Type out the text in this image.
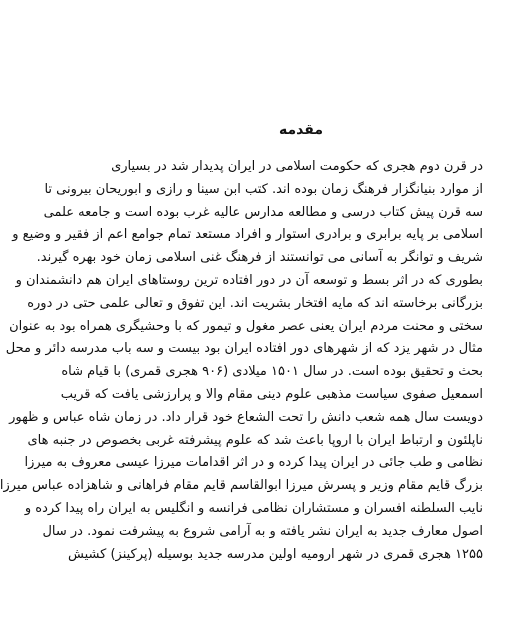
مقدمه
در قرن دوم هجری که حکومت اسلامی در ایران پدیدار شد در بسیاری
از موارد بنیانگزار فرهنگ زمان بوده اند. کتب ابن سینا و رازی و ابوریحان بیرونی تا
سه قرن پیش کتاب درسی و مطالعه مدارس عالیه غرب بوده است و جامعه علمی
اسلامی بر پایه برابری و برادری استوار و افراد مستعد تمام جوامع اعم از فقیر و وضیع و
شریف و توانگر به آسانی می توانستند از فرهنگ غنی اسلامی زمان خود بهره گیرند.
بطوری که در اثر بسط و توسعه آن در دور افتاده ترین روستاهای ایران هم دانشمندان و
بزرگانی برخاسته اند که مایه افتخار بشریت اند. این تفوق و تعالی علمی حتی در دوره
سختی و محنت مردم ایران یعنی عصر مغول و تیمور که با وحشیگری همراه بود به عنوان
مثال در شهر یزد که از شهرهای دور افتاده ایران بود بیست و سه باب مدرسه دائر و محل
بحث و تحقیق بوده است. در سال ۱۵۰۱ میلادی (۹۰۶ هجری قمری) با قیام شاه
اسمعیل صفوی سیاست مذهبی علوم دینی مقام والا و پرارزشی یافت که قریب
دویست سال همه شعب دانش را تحت الشعاع خود قرار داد. در زمان شاه عباس و ظهور
ناپلئون و ارتباط ایران با اروپا باعث شد که علوم پیشرفته غربی بخصوص در جنبه های
نظامی و طب جائی در ایران پیدا کرده و در اثر اقدامات میرزا عیسی معروف به میرزا
بزرگ قایم مقام وزیر و پسرش میرزا ابوالقاسم قایم مقام فراهانی و شاهزاده عباس میرزا
نایب السلطنه افسران و مستشاران نظامی فرانسه و انگلیس به ایران راه پیدا کرده و
اصول معارف جدید به ایران نشر یافته و به آرامی شروع به پیشرفت نمود. در سال
۱۲۵۵ هجری قمری در شهر ارومیه اولین مدرسه جدید بوسیله (پرکینز) کشیش
